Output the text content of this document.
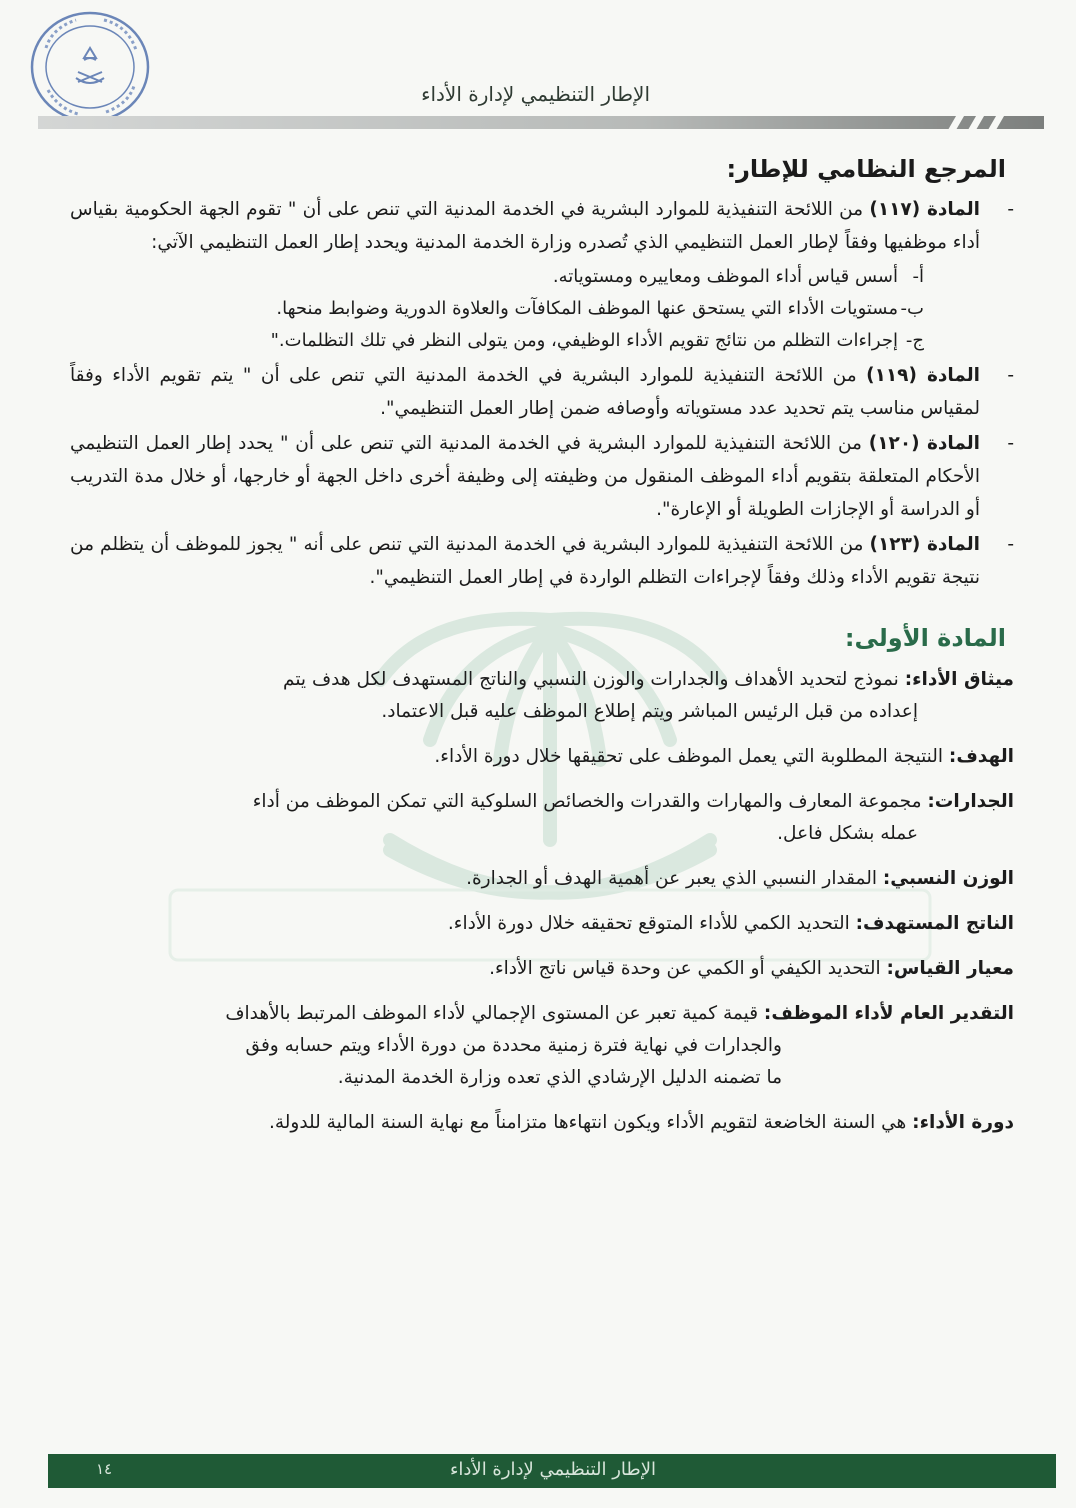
الإطار التنظيمي لإدارة الأداء
المرجع النظامي للإطار:
-
المادة (١١٧) من اللائحة التنفيذية للموارد البشرية في الخدمة المدنية التي تنص على أن " تقوم الجهة الحكومية بقياس أداء موظفيها وفقاً لإطار العمل التنظيمي الذي تُصدره وزارة الخدمة المدنية ويحدد إطار العمل التنظيمي الآتي:
أ-
أسس قياس أداء الموظف ومعاييره ومستوياته.
ب-
مستويات الأداء التي يستحق عنها الموظف المكافآت والعلاوة الدورية وضوابط منحها.
ج-
إجراءات التظلم من نتائج تقويم الأداء الوظيفي، ومن يتولى النظر في تلك التظلمات."
-
المادة (١١٩) من اللائحة التنفيذية للموارد البشرية في الخدمة المدنية التي تنص على أن " يتم تقويم الأداء وفقاً لمقياس مناسب يتم تحديد عدد مستوياته وأوصافه ضمن إطار العمل التنظيمي".
-
المادة (١٢٠) من اللائحة التنفيذية للموارد البشرية في الخدمة المدنية التي تنص على أن " يحدد إطار العمل التنظيمي الأحكام المتعلقة بتقويم أداء الموظف المنقول من وظيفته إلى وظيفة أخرى داخل الجهة أو خارجها، أو خلال مدة التدريب أو الدراسة أو الإجازات الطويلة أو الإعارة".
-
المادة (١٢٣) من اللائحة التنفيذية للموارد البشرية في الخدمة المدنية التي تنص على أنه " يجوز للموظف أن يتظلم من نتيجة تقويم الأداء وذلك وفقاً لإجراءات التظلم الواردة في إطار العمل التنظيمي".
المادة الأولى:
ميثاق الأداء: نموذج لتحديد الأهداف والجدارات والوزن النسبي والناتج المستهدف لكل هدف يتم
إعداده من قبل الرئيس المباشر ويتم إطلاع الموظف عليه قبل الاعتماد.
الهدف: النتيجة المطلوبة التي يعمل الموظف على تحقيقها خلال دورة الأداء.
الجدارات: مجموعة المعارف والمهارات والقدرات والخصائص السلوكية التي تمكن الموظف من أداء
عمله بشكل فاعل.
الوزن النسبي: المقدار النسبي الذي يعبر عن أهمية الهدف أو الجدارة.
الناتج المستهدف: التحديد الكمي للأداء المتوقع تحقيقه خلال دورة الأداء.
معيار القياس: التحديد الكيفي أو الكمي عن وحدة قياس ناتج الأداء.
التقدير العام لأداء الموظف: قيمة كمية تعبر عن المستوى الإجمالي لأداء الموظف المرتبط بالأهداف
والجدارات في نهاية فترة زمنية محددة من دورة الأداء ويتم حسابه وفق
ما تضمنه الدليل الإرشادي الذي تعده وزارة الخدمة المدنية.
دورة الأداء: هي السنة الخاضعة لتقويم الأداء ويكون انتهاءها متزامناً مع نهاية السنة المالية للدولة.
الإطار التنظيمي لإدارة الأداء
١٤
